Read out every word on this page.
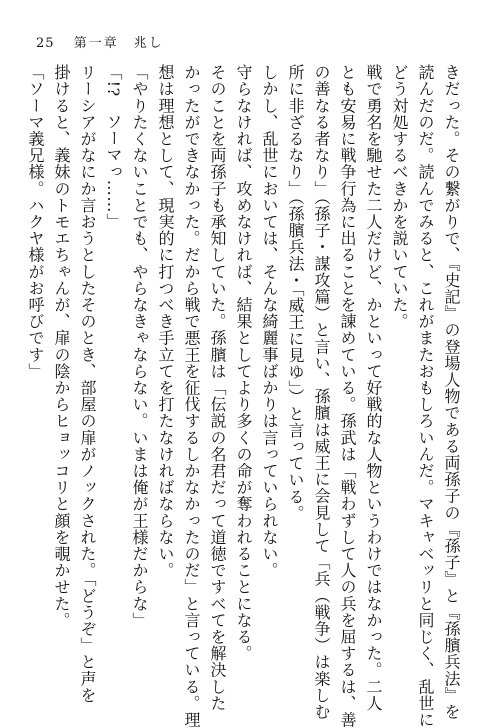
25 第一章　兆し
きだった。その繋がりで、『史記』の登場人物である両孫子の『孫子』と『孫臏兵法』を
読んだのだ。読んでみると、これがまたおもしろいんだ。マキャベッリと同じく、乱世に
どう対処するべきかを説いていた。
戦で勇名を馳せた二人だけど、かといって好戦的な人物というわけではなかった。二人
とも安易に戦争行為に出ることを諌めている。孫武は「戦わずして人の兵を屈するは、善
の善なる者なり」（孫子・謀攻篇）と言い、孫臏は威王に会見して「兵（戦争）は楽しむ
所に非ざるなり」（孫臏兵法・「威王に見ゆ」）と言っている。
しかし、乱世においては、そんな綺麗事ばかりは言っていられない。
守らなければ、攻めなければ、結果としてより多くの命が奪われることになる。
そのことを両孫子も承知していた。孫臏は「伝説の名君だって道徳ですべてを解決した
かったができなかった。だから戦で悪王を征伐するしかなかったのだ」と言っている。理
想は理想として、現実的に打つべき手立てを打たなければならない。
「やりたくないことでも、やらなきゃならない。いまは俺が王様だからな」
「!?　ソーマっ……」
リーシアがなにか言おうとしたそのとき、部屋の扉がノックされた。「どうぞ」と声を
掛けると、義妹のトモエちゃんが、扉の陰からヒョッコリと顔を覗かせた。
「ソーマ義兄様。ハクヤ様がお呼びです」
